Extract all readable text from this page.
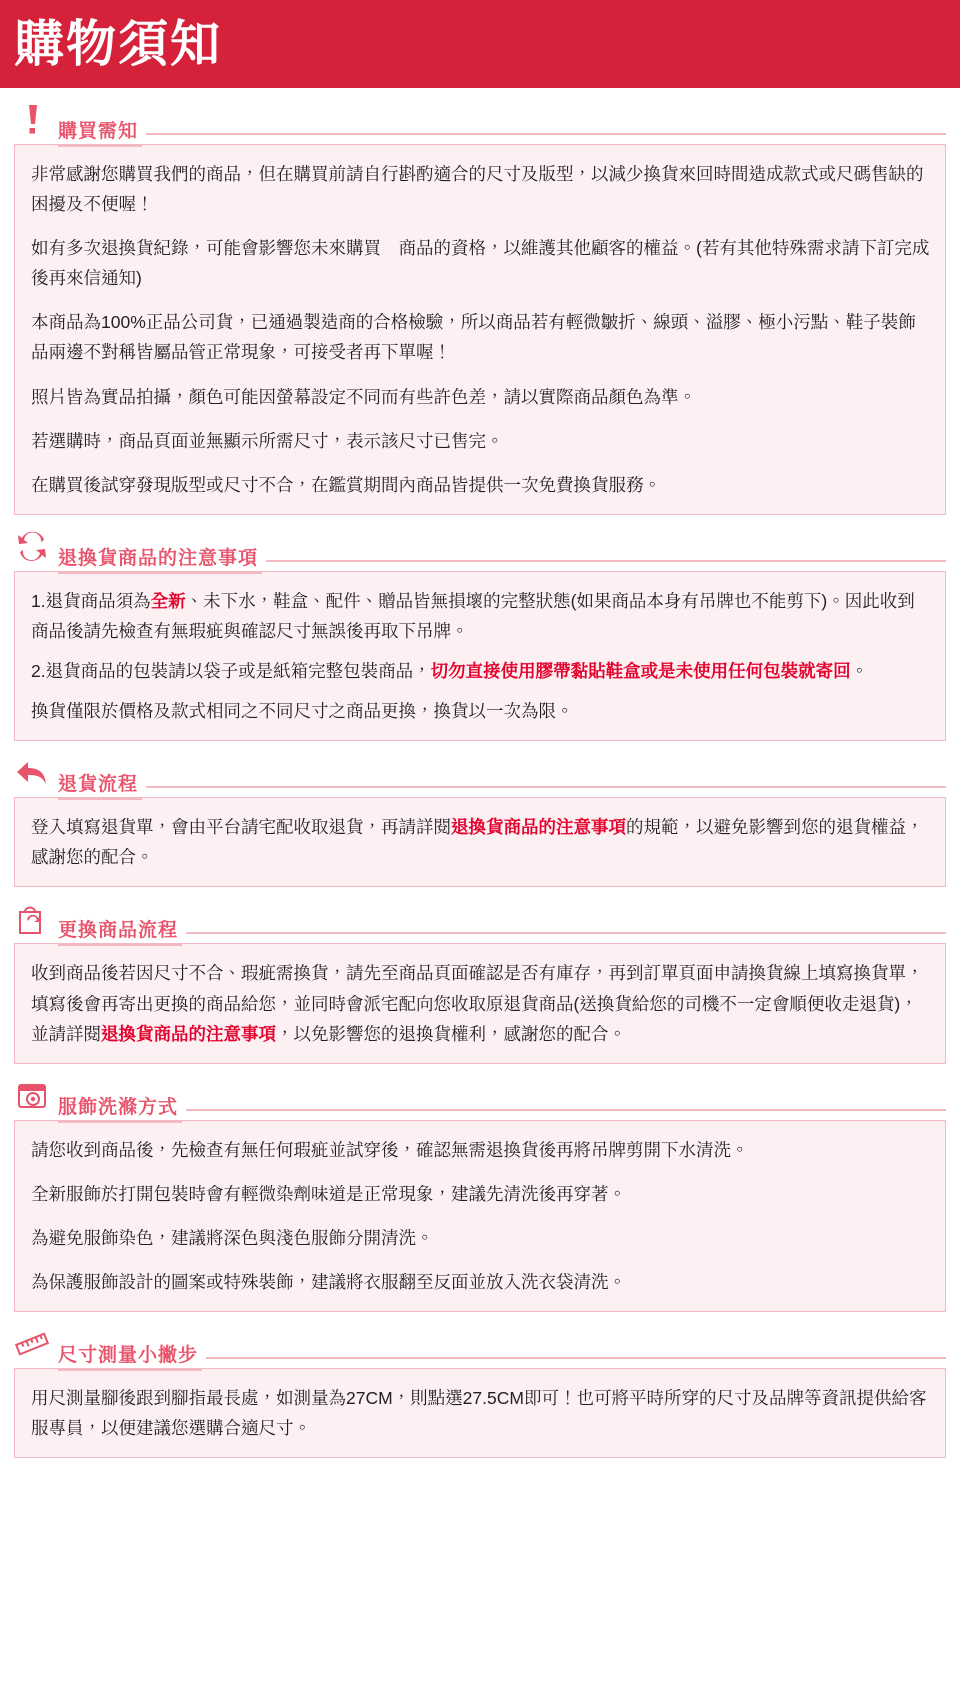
購物須知
購買需知

非常感謝您購買我們的商品，但在購買前請自行斟酌適合的尺寸及版型，以減少換貨來回時間造成款式或尺碼售缺的困擾及不便喔！

如有多次退換貨紀錄，可能會影響您未來購買　商品的資格，以維護其他顧客的權益。(若有其他特殊需求請下訂完成後再來信通知)

本商品為100%正品公司貨，已通過製造商的合格檢驗，所以商品若有輕微皺折、線頭、溢膠、極小污點、鞋子裝飾品兩邊不對稱皆屬品管正常現象，可接受者再下單喔！

照片皆為實品拍攝，顏色可能因螢幕設定不同而有些許色差，請以實際商品顏色為準。

若選購時，商品頁面並無顯示所需尺寸，表示該尺寸已售完。

在購買後試穿發現版型或尺寸不合，在鑑賞期間內商品皆提供一次免費換貨服務。

退換貨商品的注意事項

1.退貨商品須為全新、未下水，鞋盒、配件、贈品皆無損壞的完整狀態(如果商品本身有吊牌也不能剪下)。因此收到商品後請先檢查有無瑕疵與確認尺寸無誤後再取下吊牌。

2.退貨商品的包裝請以袋子或是紙箱完整包裝商品，切勿直接使用膠帶黏貼鞋盒或是未使用任何包裝就寄回。

換貨僅限於價格及款式相同之不同尺寸之商品更換，換貨以一次為限。

退貨流程

登入填寫退貨單，會由平台請宅配收取退貨，再請詳閱退換貨商品的注意事項的規範，以避免影響到您的退貨權益，感謝您的配合。

更換商品流程

收到商品後若因尺寸不合、瑕疵需換貨，請先至商品頁面確認是否有庫存，再到訂單頁面申請換貨線上填寫換貨單，填寫後會再寄出更換的商品給您，並同時會派宅配向您收取原退貨商品(送換貨給您的司機不一定會順便收走退貨)，並請詳閱退換貨商品的注意事項，以免影響您的退換貨權利，感謝您的配合。

服飾洗滌方式

請您收到商品後，先檢查有無任何瑕疵並試穿後，確認無需退換貨後再將吊牌剪開下水清洗。

全新服飾於打開包裝時會有輕微染劑味道是正常現象，建議先清洗後再穿著。

為避免服飾染色，建議將深色與淺色服飾分開清洗。

為保護服飾設計的圖案或特殊裝飾，建議將衣服翻至反面並放入洗衣袋清洗。

尺寸測量小撇步

用尺測量腳後跟到腳指最長處，如測量為27CM，則點選27.5CM即可！也可將平時所穿的尺寸及品牌等資訊提供給客服專員，以便建議您選購合適尺寸。
